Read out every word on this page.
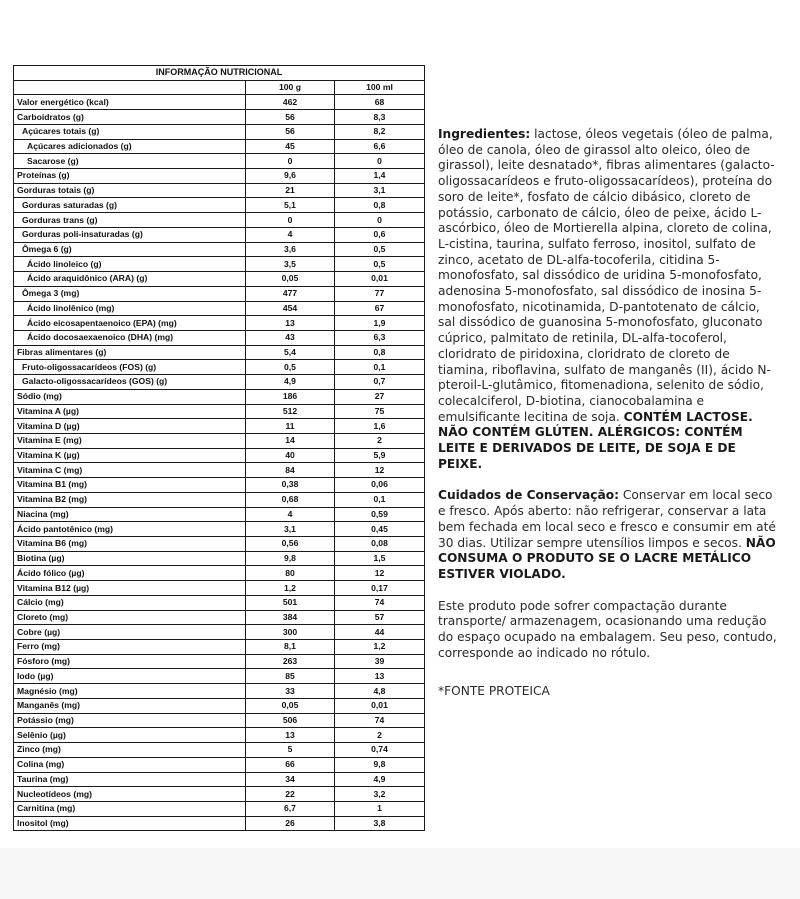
INFORMAÇÃO NUTRICIONAL		
	100 g	100 ml
Valor energético (kcal)	462	68
Carboidratos (g)	56	8,3
Açúcares totais (g)	56	8,2
Açúcares adicionados (g)	45	6,6
Sacarose (g)	0	0
Proteínas (g)	9,6	1,4
Gorduras totais (g)	21	3,1
Gorduras saturadas (g)	5,1	0,8
Gorduras trans (g)	0	0
Gorduras poli-insaturadas (g)	4	0,6
Ômega 6 (g)	3,6	0,5
Ácido linoleico (g)	3,5	0,5
Ácido araquidônico (ARA) (g)	0,05	0,01
Ômega 3 (mg)	477	77
Ácido linolênico (mg)	454	67
Ácido eicosapentaenoico (EPA) (mg)	13	1,9
Ácido docosaexaenoico (DHA) (mg)	43	6,3
Fibras alimentares (g)	5,4	0,8
Fruto-oligossacarídeos (FOS) (g)	0,5	0,1
Galacto-oligossacarídeos (GOS) (g)	4,9	0,7
Sódio (mg)	186	27
Vitamina A (µg)	512	75
Vitamina D (µg)	11	1,6
Vitamina E (mg)	14	2
Vitamina K (µg)	40	5,9
Vitamina C (mg)	84	12
Vitamina B1 (mg)	0,38	0,06
Vitamina B2 (mg)	0,68	0,1
Niacina (mg)	4	0,59
Ácido pantotênico (mg)	3,1	0,45
Vitamina B6 (mg)	0,56	0,08
Biotina (µg)	9,8	1,5
Ácido fólico (µg)	80	12
Vitamina B12 (µg)	1,2	0,17
Cálcio (mg)	501	74
Cloreto (mg)	384	57
Cobre (µg)	300	44
Ferro (mg)	8,1	1,2
Fósforo (mg)	263	39
Iodo (µg)	85	13
Magnésio (mg)	33	4,8
Manganês (mg)	0,05	0,01
Potássio (mg)	506	74
Selênio (µg)	13	2
Zinco (mg)	5	0,74
Colina (mg)	66	9,8
Taurina (mg)	34	4,9
Nucleotídeos (mg)	22	3,2
Carnitina (mg)	6,7	1
Inositol (mg)	26	3,8

Ingredientes: lactose, óleos vegetais (óleo de palma, óleo de canola, óleo de girassol alto oleico, óleo de girassol), leite desnatado*, fibras alimentares (galacto-oligossacarídeos e fruto-oligossacarídeos), proteína do soro de leite*, fosfato de cálcio dibásico, cloreto de potássio, carbonato de cálcio, óleo de peixe, ácido L-ascórbico, óleo de Mortierella alpina, cloreto de colina, L-cistina, taurina, sulfato ferroso, inositol, sulfato de zinco, acetato de DL-alfa-tocoferila, citidina 5-monofosfato, sal dissódico de uridina 5-monofosfato, adenosina 5-monofosfato, sal dissódico de inosina 5-monofosfato, nicotinamida, D-pantotenato de cálcio, sal dissódico de guanosina 5-monofosfato, gluconato cúprico, palmitato de retinila, DL-alfa-tocoferol, cloridrato de piridoxina, cloridrato de cloreto de tiamina, riboflavina, sulfato de manganês (II), ácido N-pteroil-L-glutâmico, fitomenadiona, selenito de sódio, colecalciferol, D-biotina, cianocobalamina e emulsificante lecitina de soja. CONTÉM LACTOSE. NÃO CONTÉM GLÚTEN. ALÉRGICOS: CONTÉM LEITE E DERIVADOS DE LEITE, DE SOJA E DE PEIXE.

Cuidados de Conservação: Conservar em local seco e fresco. Após aberto: não refrigerar, conservar a lata bem fechada em local seco e fresco e consumir em até 30 dias. Utilizar sempre utensílios limpos e secos. NÃO CONSUMA O PRODUTO SE O LACRE METÁLICO ESTIVER VIOLADO.

Este produto pode sofrer compactação durante transporte/ armazenagem, ocasionando uma redução do espaço ocupado na embalagem. Seu peso, contudo, corresponde ao indicado no rótulo.

*FONTE PROTEICA
